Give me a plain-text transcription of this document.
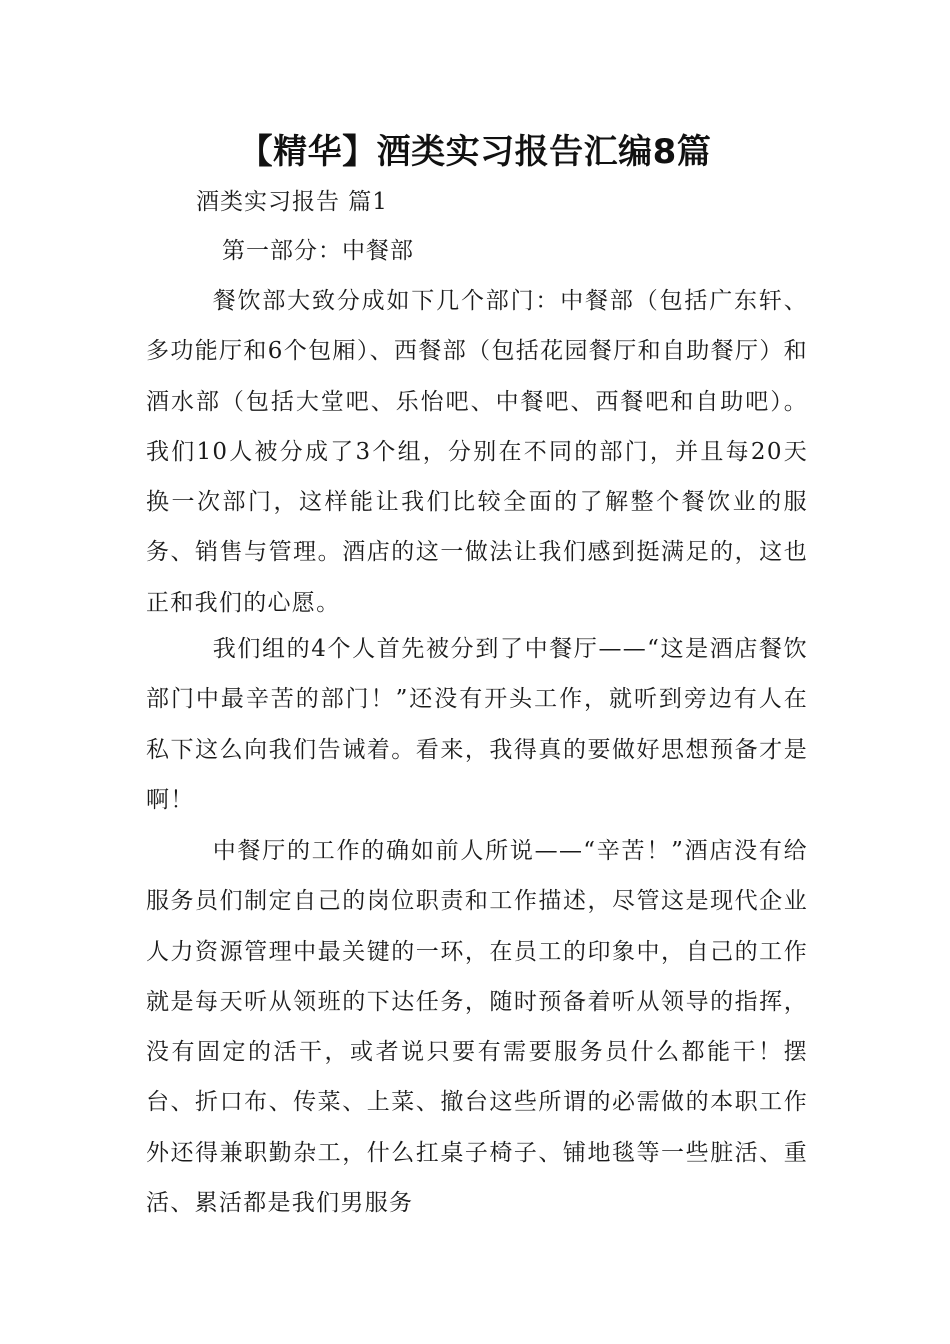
【精华】酒类实习报告汇编8篇

酒类实习报告 篇1

第一部分：中餐部

餐饮部大致分成如下几个部门：中餐部（包括广东轩、多功能厅和6个包厢）、西餐部（包括花园餐厅和自助餐厅）和酒水部（包括大堂吧、乐怡吧、中餐吧、西餐吧和自助吧）。我们10人被分成了3个组，分别在不同的部门，并且每20天换一次部门，这样能让我们比较全面的了解整个餐饮业的服务、销售与管理。酒店的这一做法让我们感到挺满足的，这也正和我们的心愿。

我们组的4个人首先被分到了中餐厅——“这是酒店餐饮部门中最辛苦的部门！”还没有开头工作，就听到旁边有人在私下这么向我们告诫着。看来，我得真的要做好思想预备才是啊！

中餐厅的工作的确如前人所说——“辛苦！”酒店没有给服务员们制定自己的岗位职责和工作描述，尽管这是现代企业人力资源管理中最关键的一环，在员工的印象中，自己的工作就是每天听从领班的下达任务，随时预备着听从领导的指挥，没有固定的活干，或者说只要有需要服务员什么都能干！摆台、折口布、传菜、上菜、撤台这些所谓的必需做的本职工作外还得兼职勤杂工，什么扛桌子椅子、铺地毯等一些脏活、重活、累活都是我们男服务
